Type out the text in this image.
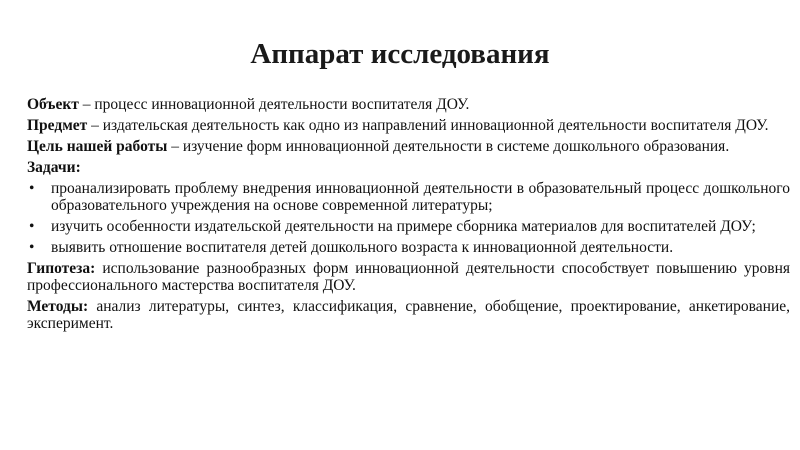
Аппарат исследования

Объект – процесс инновационной деятельности воспитателя ДОУ.

Предмет – издательская деятельность как одно из направлений инновационной деятельности воспитателя ДОУ.

Цель нашей работы – изучение форм инновационной деятельности в системе дошкольного образования.

Задачи:

• проанализировать проблему внедрения инновационной деятельности в образовательный процесс дошкольного образовательного учреждения на основе современной литературы;
• изучить особенности издательской деятельности на примере сборника материалов для воспитателей ДОУ;
• выявить отношение воспитателя детей дошкольного возраста к инновационной деятельности.

Гипотеза: использование разнообразных форм инновационной деятельности способствует повышению уровня профессионального мастерства воспитателя ДОУ.

Методы: анализ литературы, синтез, классификация, сравнение, обобщение, проектирование, анкетирование, эксперимент.
